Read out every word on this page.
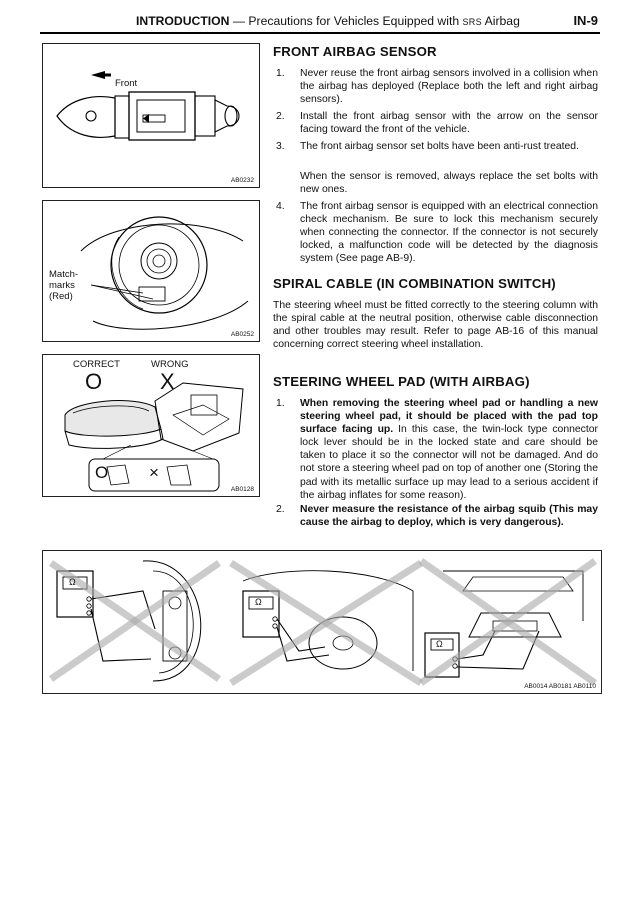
INTRODUCTION — Precautions for Vehicles Equipped with SRS Airbag	IN-9
Front
AB0232
Match-
marks
(Red)
AB0252
CORRECT	WRONG
O	X
O ×
AB0128
FRONT AIRBAG SENSOR
1. Never reuse the front airbag sensors involved in a collision when the airbag has deployed (Replace both the left and right airbag sensors).
2. Install the front airbag sensor with the arrow on the sensor facing toward the front of the vehicle.
3. The front airbag sensor set bolts have been anti-rust treated.
When the sensor is removed, always replace the set bolts with new ones.
4. The front airbag sensor is equipped with an electrical connection check mechanism. Be sure to lock this mechanism securely when connecting the connector. If the connector is not securely locked, a malfunction code will be detected by the diagnosis system (See page AB-9).
SPIRAL CABLE (IN COMBINATION SWITCH)
The steering wheel must be fitted correctly to the steering column with the spiral cable at the neutral position, otherwise cable disconnection and other troubles may result. Refer to page AB-16 of this manual concerning correct steering wheel installation.
STEERING WHEEL PAD (WITH AIRBAG)
1. When removing the steering wheel pad or handling a new steering wheel pad, it should be placed with the pad top surface facing up. In this case, the twin-lock type connector lock lever should be in the locked state and care should be taken to place it so the connector will not be damaged. And do not store a steering wheel pad on top of another one (Storing the pad with its metallic surface up may lead to a serious accident if the airbag inflates for some reason).
2. Never measure the resistance of the airbag squib (This may cause the airbag to deploy, which is very dangerous).
Ω
Ω
Ω
AB0014 AB0181 AB0110
